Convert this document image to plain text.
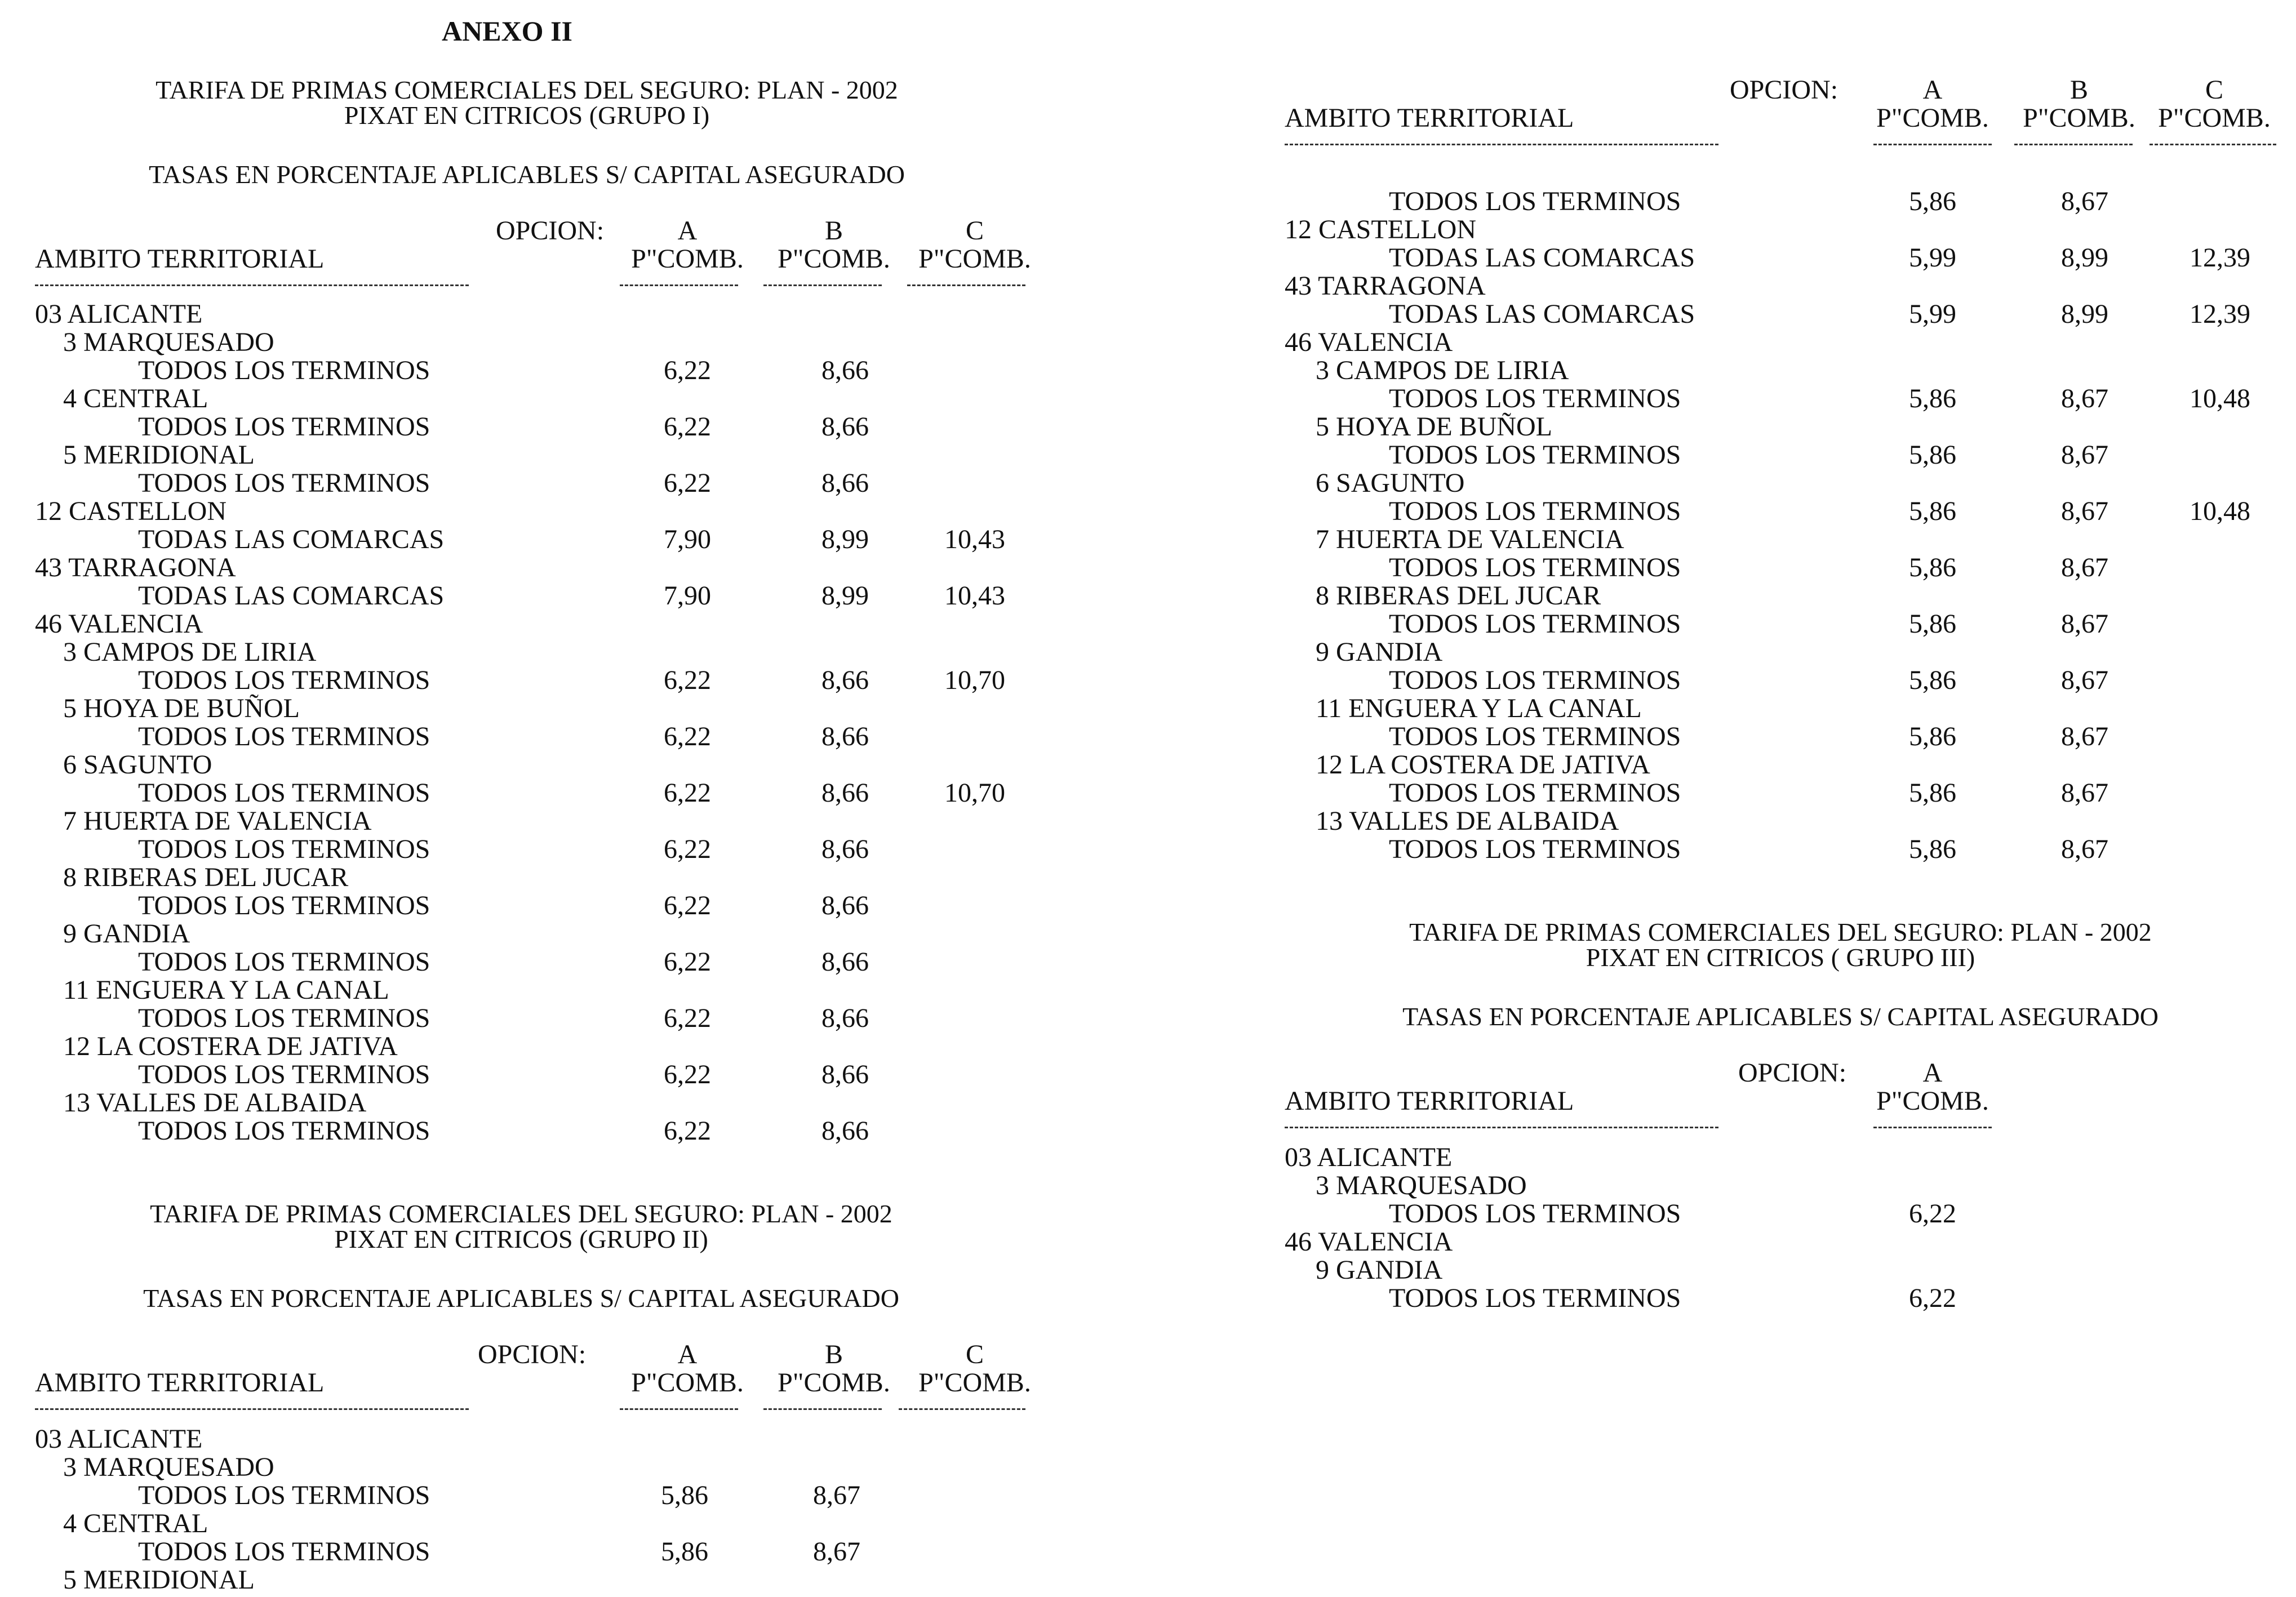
ANEXO II
TARIFA DE PRIMAS COMERCIALES DEL SEGURO: PLAN - 2002
PIXAT EN CITRICOS (GRUPO I)
TASAS EN PORCENTAJE APLICABLES S/ CAPITAL ASEGURADO
OPCION:
AMBITO TERRITORIAL
A
P"COMB.
B
P"COMB.
C
P"COMB.
03 ALICANTE
3 MARQUESADO
TODOS LOS TERMINOS	6,22	8,66
4 CENTRAL
TODOS LOS TERMINOS	6,22	8,66
5 MERIDIONAL
TODOS LOS TERMINOS	6,22	8,66
12 CASTELLON
TODAS LAS COMARCAS	7,90	8,99	10,43
43 TARRAGONA
TODAS LAS COMARCAS	7,90	8,99	10,43
46 VALENCIA
3 CAMPOS DE LIRIA
TODOS LOS TERMINOS	6,22	8,66	10,70
5 HOYA DE BUÑOL
TODOS LOS TERMINOS	6,22	8,66
6 SAGUNTO
TODOS LOS TERMINOS	6,22	8,66	10,70
7 HUERTA DE VALENCIA
TODOS LOS TERMINOS	6,22	8,66
8 RIBERAS DEL JUCAR
TODOS LOS TERMINOS	6,22	8,66
9 GANDIA
TODOS LOS TERMINOS	6,22	8,66
11 ENGUERA Y LA CANAL
TODOS LOS TERMINOS	6,22	8,66
12 LA COSTERA DE JATIVA
TODOS LOS TERMINOS	6,22	8,66
13 VALLES DE ALBAIDA
TODOS LOS TERMINOS	6,22	8,66
TARIFA DE PRIMAS COMERCIALES DEL SEGURO: PLAN - 2002
PIXAT EN CITRICOS (GRUPO II)
TASAS EN PORCENTAJE APLICABLES S/ CAPITAL ASEGURADO
OPCION:
AMBITO TERRITORIAL
A
P"COMB.
B
P"COMB.
C
P"COMB.
03 ALICANTE
3 MARQUESADO
TODOS LOS TERMINOS	5,86	8,67
4 CENTRAL
TODOS LOS TERMINOS	5,86	8,67
5 MERIDIONAL
OPCION:
AMBITO TERRITORIAL
A
P"COMB.
B
P"COMB.
C
P"COMB.
TODOS LOS TERMINOS	5,86	8,67
12 CASTELLON
TODAS LAS COMARCAS	5,99	8,99	12,39
43 TARRAGONA
TODAS LAS COMARCAS	5,99	8,99	12,39
46 VALENCIA
3 CAMPOS DE LIRIA
TODOS LOS TERMINOS	5,86	8,67	10,48
5 HOYA DE BUÑOL
TODOS LOS TERMINOS	5,86	8,67
6 SAGUNTO
TODOS LOS TERMINOS	5,86	8,67	10,48
7 HUERTA DE VALENCIA
TODOS LOS TERMINOS	5,86	8,67
8 RIBERAS DEL JUCAR
TODOS LOS TERMINOS	5,86	8,67
9 GANDIA
TODOS LOS TERMINOS	5,86	8,67
11 ENGUERA Y LA CANAL
TODOS LOS TERMINOS	5,86	8,67
12 LA COSTERA DE JATIVA
TODOS LOS TERMINOS	5,86	8,67
13 VALLES DE ALBAIDA
TODOS LOS TERMINOS	5,86	8,67
TARIFA DE PRIMAS COMERCIALES DEL SEGURO: PLAN - 2002
PIXAT EN CITRICOS ( GRUPO III)
TASAS EN PORCENTAJE APLICABLES S/ CAPITAL ASEGURADO
OPCION:
AMBITO TERRITORIAL
A
P"COMB.
03 ALICANTE
3 MARQUESADO
TODOS LOS TERMINOS	6,22
46 VALENCIA
9 GANDIA
TODOS LOS TERMINOS	6,22
